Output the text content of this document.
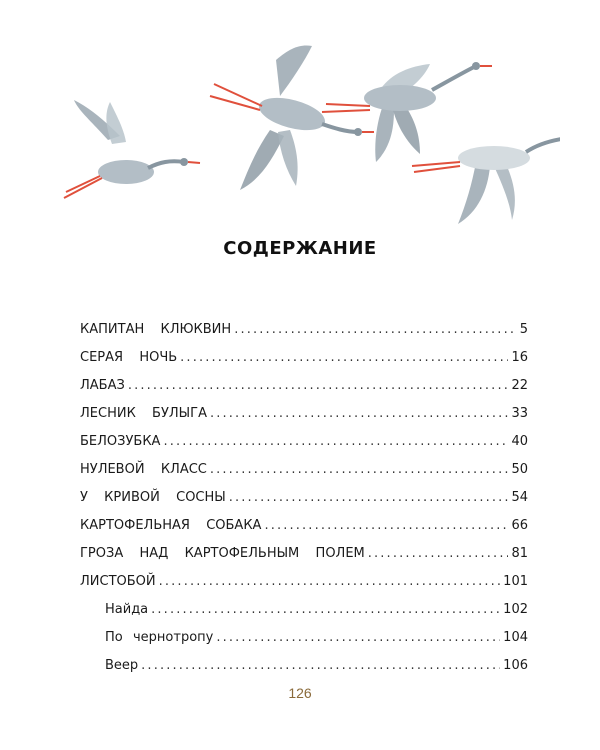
СОДЕРЖАНИЕ
КАПИТАН  КЛЮКВИН . . .	5
СЕРАЯ  НОЧЬ . . .	16
ЛАБАЗ . . .	22
ЛЕСНИК  БУЛЫГА . . .	33
БЕЛОЗУБКА . . .	40
НУЛЕВОЙ  КЛАСС . . .	50
У  КРИВОЙ  СОСНЫ . . .	54
КАРТОФЕЛЬНАЯ  СОБАКА . . .	66
ГРОЗА  НАД  КАРТОФЕЛЬНЫМ  ПОЛЕМ . . .	81
ЛИСТОБОЙ . . .	101
Найда . . .	102
По  чернотропу . . .	104
Веер . . .	106
126
